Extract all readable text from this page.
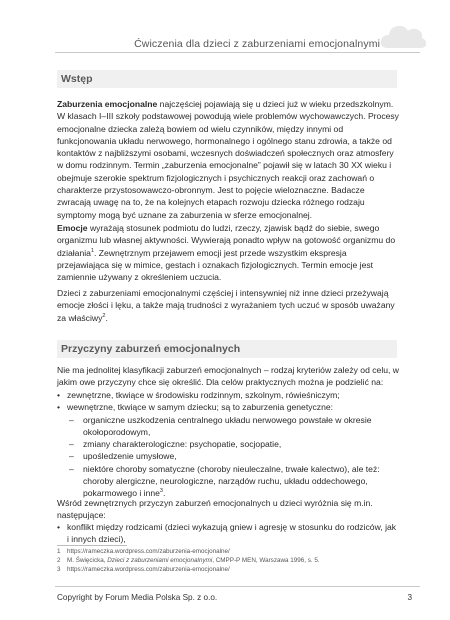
Ćwiczenia dla dzieci z zaburzeniami emocjonalnymi
Wstęp

Zaburzenia emocjonalne najczęściej pojawiają się u dzieci już w wieku przedszkolnym. W klasach I–III szkoły podstawowej powodują wiele problemów wychowawczych. Procesy emocjonalne dziecka zależą bowiem od wielu czynników, między innymi od funkcjonowania układu nerwowego, hormonalnego i ogólnego stanu zdrowia, a także od kontaktów z najbliższymi osobami, wczesnych doświadczeń społecznych oraz atmosfery w domu rodzinnym. Termin „zaburzenia emocjonalne” pojawił się w latach 30 XX wieku i obejmuje szerokie spektrum fizjologicznych i psychicznych reakcji oraz zachowań o charakterze przystosowawczo-obronnym. Jest to pojęcie wieloznaczne. Badacze zwracają uwagę na to, że na kolejnych etapach rozwoju dziecka różnego rodzaju symptomy mogą być uznane za zaburzenia w sferze emocjonalnej.

Emocje wyrażają stosunek podmiotu do ludzi, rzeczy, zjawisk bądź do siebie, swego organizmu lub własnej aktywności. Wywierają ponadto wpływ na gotowość organizmu do działania$^1$. Zewnętrznym przejawem emocji jest przede wszystkim ekspresja przejawiająca się w mimice, gestach i oznakach fizjologicznych. Termin emocje jest zamiennie używany z określeniem uczucia.

Dzieci z zaburzeniami emocjonalnymi częściej i intensywniej niż inne dzieci przeżywają emocje złości i lęku, a także mają trudności z wyrażaniem tych uczuć w sposób uważany za właściwy$^2$.

Przyczyny zaburzeń emocjonalnych

Nie ma jednolitej klasyfikacji zaburzeń emocjonalnych – rodzaj kryteriów zależy od celu, w jakim owe przyczyny chce się określić. Dla celów praktycznych można je podzielić na:

• zewnętrzne, tkwiące w środowisku rodzinnym, szkolnym, rówieśniczym;
• wewnętrzne, tkwiące w samym dziecku; są to zaburzenia genetyczne:
– organiczne uszkodzenia centralnego układu nerwowego powstałe w okresie okołoporodowym,
– zmiany charakterologiczne: psychopatie, socjopatie,
– upośledzenie umysłowe,
– niektóre choroby somatyczne (choroby nieuleczalne, trwałe kalectwo), ale też: choroby alergiczne, neurologiczne, narządów ruchu, układu oddechowego, pokarmowego i inne$^3$.

Wśród zewnętrznych przyczyn zaburzeń emocjonalnych u dzieci wyróżnia się m.in. następujące:

• konflikt między rodzicami (dzieci wykazują gniew i agresję w stosunku do rodziców, jak i innych dzieci),
1 https://rameczka.wordpress.com/zaburzenia-emocjonalne/
2 M. Święcicka, Dzieci z zaburzeniami emocjonalnymi, CMPP-P MEN, Warszawa 1996, s. 5.
3 https://rameczka.wordpress.com/zaburzenia-emocjonalne/
Copyright by Forum Media Polska Sp. z o.o.	3
